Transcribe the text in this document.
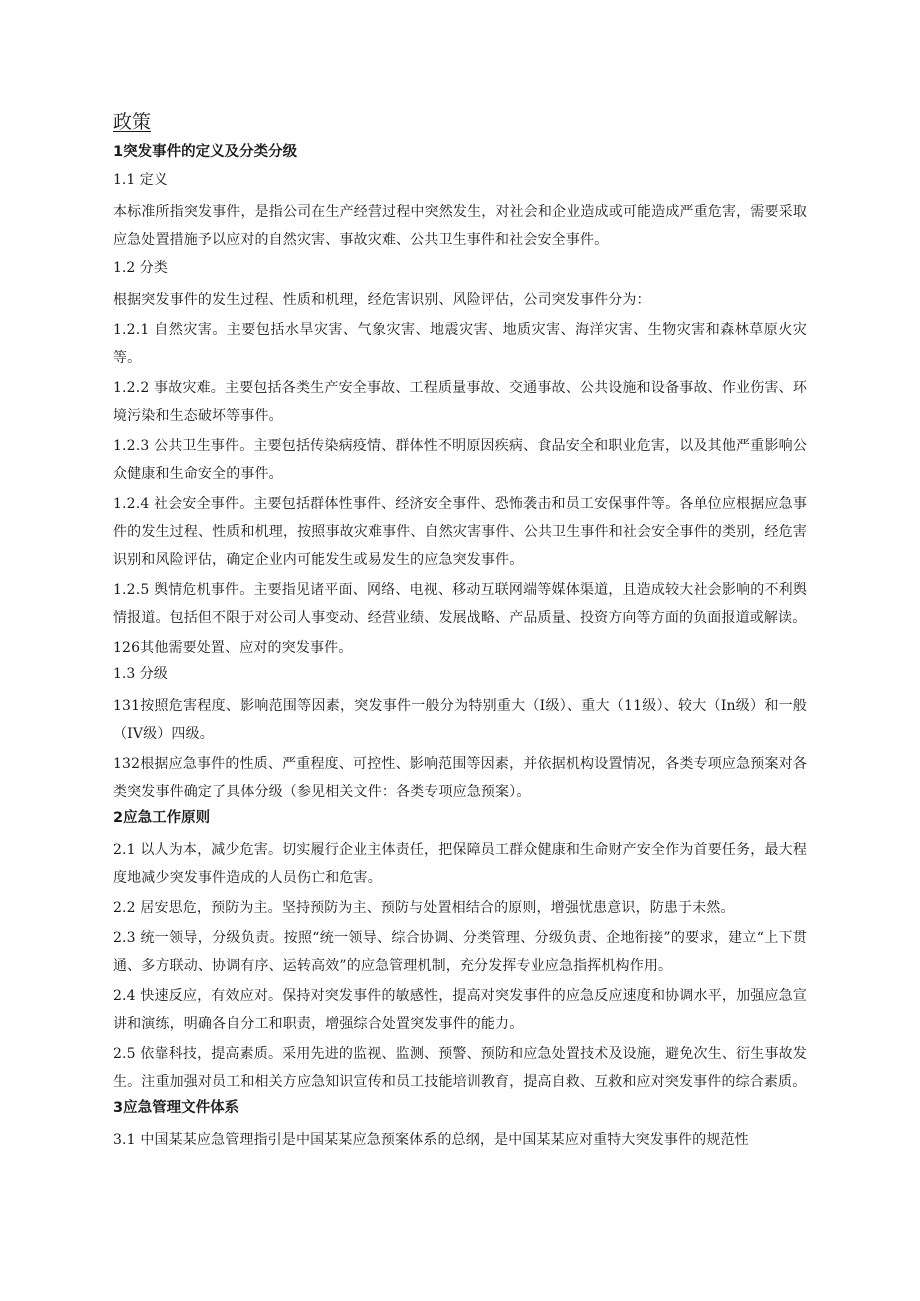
政策
1突发事件的定义及分类分级
1.1 定义

本标准所指突发事件，是指公司在生产经营过程中突然发生，对社会和企业造成或可能造成严重危害，需要采取应急处置措施予以应对的自然灾害、事故灾难、公共卫生事件和社会安全事件。

1.2 分类

根据突发事件的发生过程、性质和机理，经危害识别、风险评估，公司突发事件分为：

1.2.1 自然灾害。主要包括水旱灾害、气象灾害、地震灾害、地质灾害、海洋灾害、生物灾害和森林草原火灾等。

1.2.2 事故灾难。主要包括各类生产安全事故、工程质量事故、交通事故、公共设施和设备事故、作业伤害、环境污染和生态破坏等事件。

1.2.3 公共卫生事件。主要包括传染病疫情、群体性不明原因疾病、食品安全和职业危害，以及其他严重影响公众健康和生命安全的事件。

1.2.4 社会安全事件。主要包括群体性事件、经济安全事件、恐怖袭击和员工安保事件等。各单位应根据应急事件的发生过程、性质和机理，按照事故灾难事件、自然灾害事件、公共卫生事件和社会安全事件的类别，经危害识别和风险评估，确定企业内可能发生或易发生的应急突发事件。

1.2.5 舆情危机事件。主要指见诸平面、网络、电视、移动互联网端等媒体渠道，且造成较大社会影响的不利舆情报道。包括但不限于对公司人事变动、经营业绩、发展战略、产品质量、投资方向等方面的负面报道或解读。

126其他需要处置、应对的突发事件。

1.3 分级

131按照危害程度、影响范围等因素，突发事件一般分为特别重大（I级）、重大（11级）、较大（In级）和一般（IV级）四级。

132根据应急事件的性质、严重程度、可控性、影响范围等因素，并依据机构设置情况，各类专项应急预案对各类突发事件确定了具体分级（参见相关文件：各类专项应急预案）。

2应急工作原则

2.1 以人为本，减少危害。切实履行企业主体责任，把保障员工群众健康和生命财产安全作为首要任务，最大程度地减少突发事件造成的人员伤亡和危害。

2.2 居安思危，预防为主。坚持预防为主、预防与处置相结合的原则，增强忧患意识，防患于未然。

2.3 统一领导，分级负责。按照“统一领导、综合协调、分类管理、分级负责、企地衔接”的要求，建立“上下贯通、多方联动、协调有序、运转高效”的应急管理机制，充分发挥专业应急指挥机构作用。

2.4 快速反应，有效应对。保持对突发事件的敏感性，提高对突发事件的应急反应速度和协调水平，加强应急宣讲和演练，明确各自分工和职责，增强综合处置突发事件的能力。

2.5 依靠科技，提高素质。采用先进的监视、监测、预警、预防和应急处置技术及设施，避免次生、衍生事故发生。注重加强对员工和相关方应急知识宣传和员工技能培训教育，提高自救、互救和应对突发事件的综合素质。

3应急管理文件体系

3.1 中国某某应急管理指引是中国某某应急预案体系的总纲，是中国某某应对重特大突发事件的规范性
